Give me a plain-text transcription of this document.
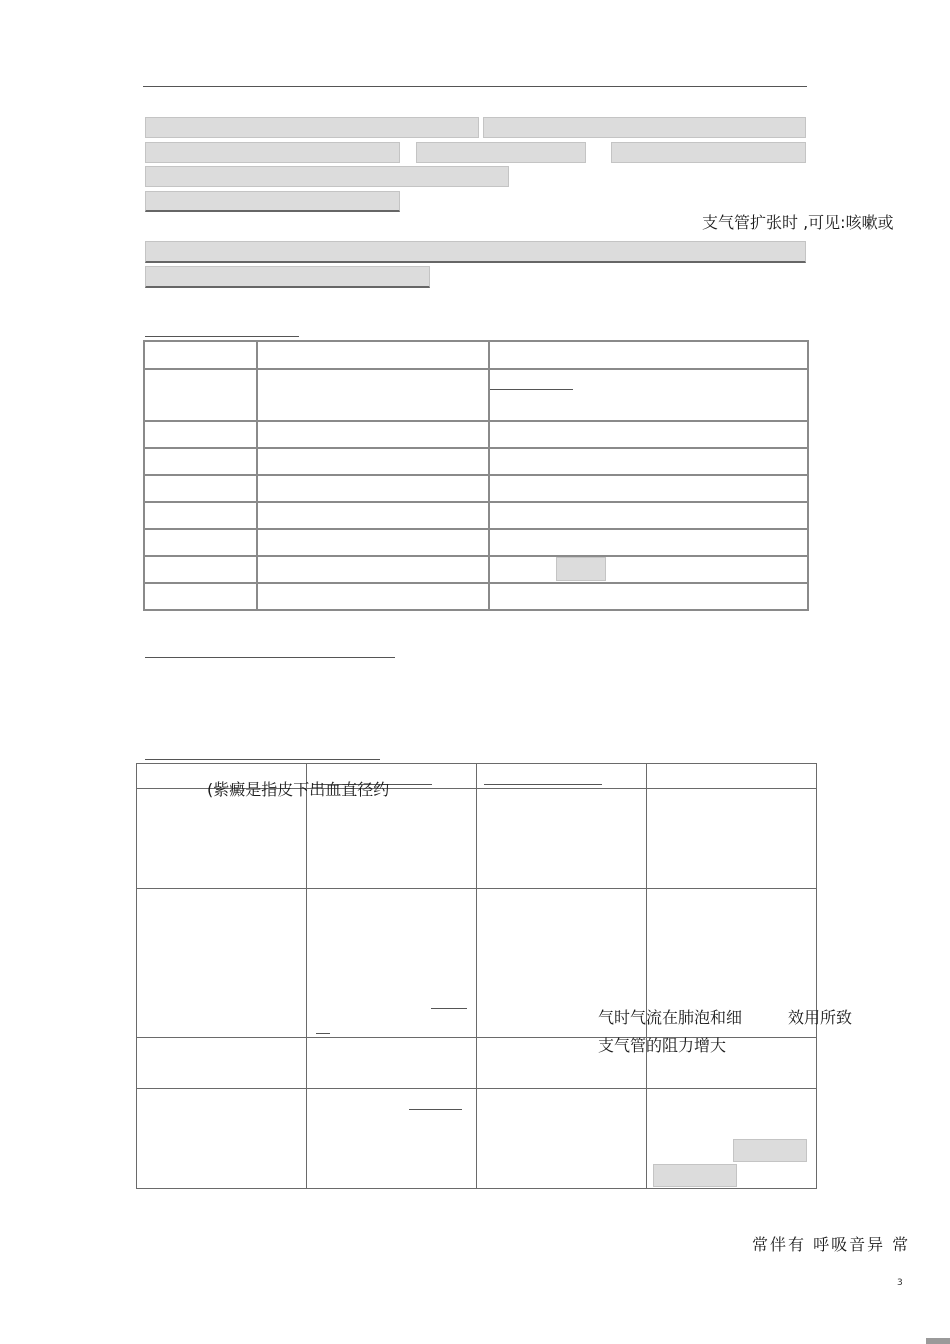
支气管扩张时 ,可见:咳嗽或

(紫癜是指皮下出血直径约
气时气流在肺泡和细	效用所致
支气管的阻力增大
常伴有 呼吸音异 常
3
